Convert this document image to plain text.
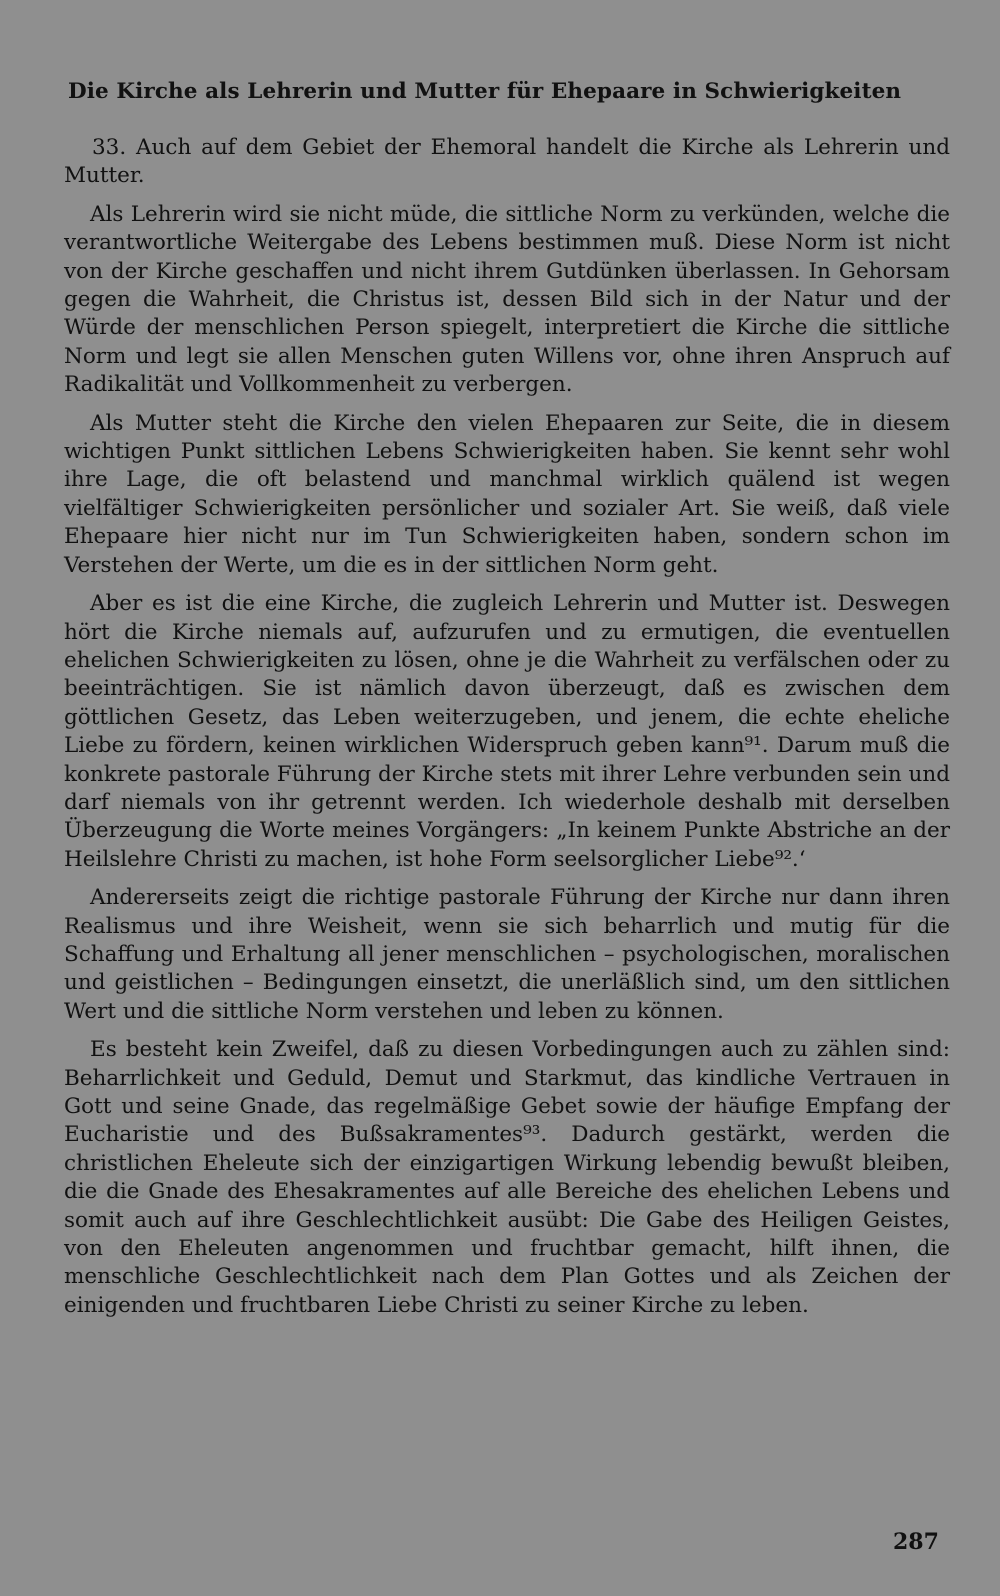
Die Kirche als Lehrerin und Mutter für Ehepaare in Schwierigkeiten

33. Auch auf dem Gebiet der Ehemoral handelt die Kirche als Lehrerin und Mutter.

Als Lehrerin wird sie nicht müde, die sittliche Norm zu verkünden, welche die verantwortliche Weitergabe des Lebens bestimmen muß. Diese Norm ist nicht von der Kirche geschaffen und nicht ihrem Gutdünken überlassen. In Gehorsam gegen die Wahrheit, die Christus ist, dessen Bild sich in der Natur und der Würde der menschlichen Person spiegelt, interpretiert die Kirche die sittliche Norm und legt sie allen Menschen guten Willens vor, ohne ihren Anspruch auf Radikalität und Vollkommenheit zu verbergen.

Als Mutter steht die Kirche den vielen Ehepaaren zur Seite, die in diesem wichtigen Punkt sittlichen Lebens Schwierigkeiten haben. Sie kennt sehr wohl ihre Lage, die oft belastend und manchmal wirklich quälend ist wegen vielfältiger Schwierigkeiten persönlicher und sozialer Art. Sie weiß, daß viele Ehepaare hier nicht nur im Tun Schwierigkeiten haben, sondern schon im Verstehen der Werte, um die es in der sittlichen Norm geht.

Aber es ist die eine Kirche, die zugleich Lehrerin und Mutter ist. Deswegen hört die Kirche niemals auf, aufzurufen und zu ermutigen, die eventuellen ehelichen Schwierigkeiten zu lösen, ohne je die Wahrheit zu verfälschen oder zu beeinträchtigen. Sie ist nämlich davon überzeugt, daß es zwischen dem göttlichen Gesetz, das Leben weiterzugeben, und jenem, die echte eheliche Liebe zu fördern, keinen wirklichen Widerspruch geben kann⁹¹. Darum muß die konkrete pastorale Führung der Kirche stets mit ihrer Lehre verbunden sein und darf niemals von ihr getrennt werden. Ich wiederhole deshalb mit derselben Überzeugung die Worte meines Vorgängers: „In keinem Punkte Abstriche an der Heilslehre Christi zu machen, ist hohe Form seelsorglicher Liebe⁹².‘

Andererseits zeigt die richtige pastorale Führung der Kirche nur dann ihren Realismus und ihre Weisheit, wenn sie sich beharrlich und mutig für die Schaffung und Erhaltung all jener menschlichen – psychologischen, moralischen und geistlichen – Bedingungen einsetzt, die unerläßlich sind, um den sittlichen Wert und die sittliche Norm verstehen und leben zu können.

Es besteht kein Zweifel, daß zu diesen Vorbedingungen auch zu zählen sind: Beharrlichkeit und Geduld, Demut und Starkmut, das kindliche Vertrauen in Gott und seine Gnade, das regelmäßige Gebet sowie der häufige Empfang der Eucharistie und des Bußsakramentes⁹³. Dadurch gestärkt, werden die christlichen Eheleute sich der einzigartigen Wirkung lebendig bewußt bleiben, die die Gnade des Ehesakramentes auf alle Bereiche des ehelichen Lebens und somit auch auf ihre Geschlechtlichkeit ausübt: Die Gabe des Heiligen Geistes, von den Eheleuten angenommen und fruchtbar gemacht, hilft ihnen, die menschliche Geschlechtlichkeit nach dem Plan Gottes und als Zeichen der einigenden und fruchtbaren Liebe Christi zu seiner Kirche zu leben.

287
